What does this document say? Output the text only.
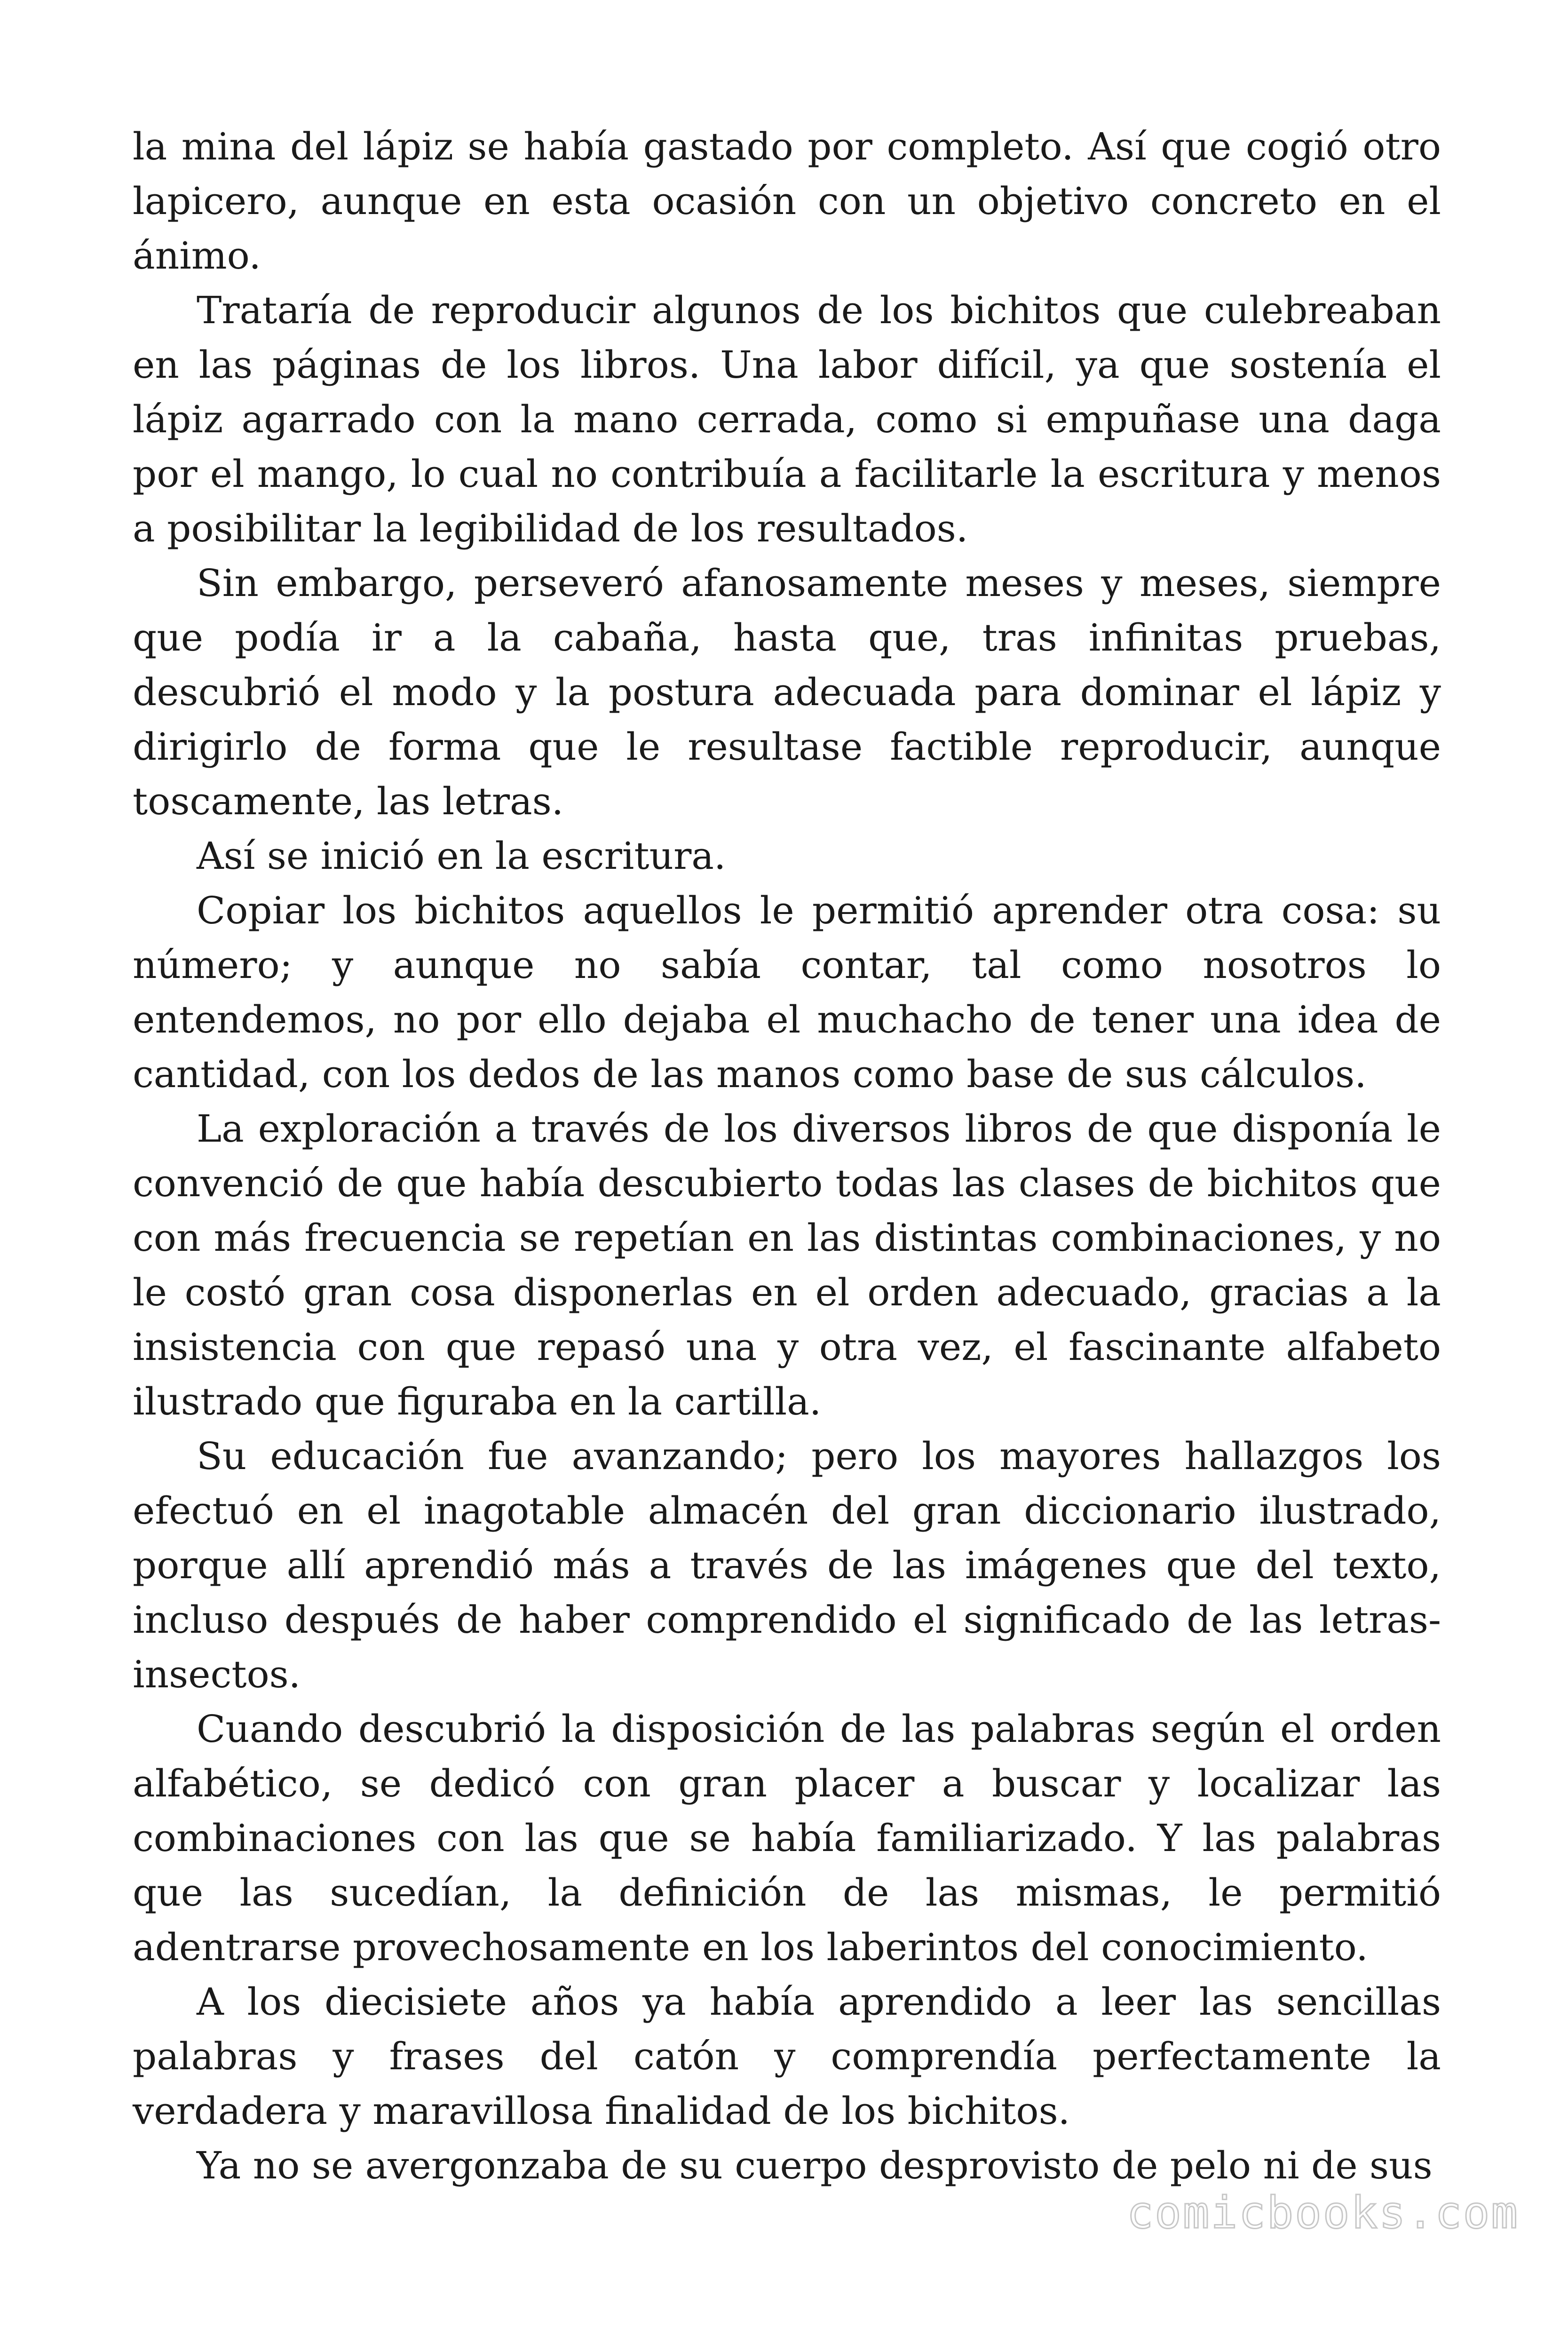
la mina del lápiz se había gastado por completo. Así que cogió otro lapicero, aunque en esta ocasión con un objetivo concreto en el ánimo.

Trataría de reproducir algunos de los bichitos que culebreaban en las páginas de los libros. Una labor difícil, ya que sostenía el lápiz agarrado con la mano cerrada, como si empuñase una daga por el mango, lo cual no contribuía a facilitarle la escritura y menos a posibilitar la legibilidad de los resultados.

Sin embargo, perseveró afanosamente meses y meses, siempre que podía ir a la cabaña, hasta que, tras infinitas pruebas, descubrió el modo y la postura adecuada para dominar el lápiz y dirigirlo de forma que le resultase factible reproducir, aunque toscamente, las letras.

Así se inició en la escritura.

Copiar los bichitos aquellos le permitió aprender otra cosa: su número; y aunque no sabía contar, tal como nosotros lo entendemos, no por ello dejaba el muchacho de tener una idea de cantidad, con los dedos de las manos como base de sus cálculos.

La exploración a través de los diversos libros de que disponía le convenció de que había descubierto todas las clases de bichitos que con más frecuencia se repetían en las distintas combinaciones, y no le costó gran cosa disponerlas en el orden adecuado, gracias a la insistencia con que repasó una y otra vez, el fascinante alfabeto ilustrado que figuraba en la cartilla.

Su educación fue avanzando; pero los mayores hallazgos los efectuó en el inagotable almacén del gran diccionario ilustrado, porque allí aprendió más a través de las imágenes que del texto, incluso después de haber comprendido el significado de las letras-insectos.

Cuando descubrió la disposición de las palabras según el orden alfabético, se dedicó con gran placer a buscar y localizar las combinaciones con las que se había familiarizado. Y las palabras que las sucedían, la definición de las mismas, le permitió adentrarse provechosamente en los laberintos del conocimiento.

A los diecisiete años ya había aprendido a leer las sencillas palabras y frases del catón y comprendía perfectamente la verdadera y maravillosa finalidad de los bichitos.

Ya no se avergonzaba de su cuerpo desprovisto de pelo ni de sus

comicbooks.com
